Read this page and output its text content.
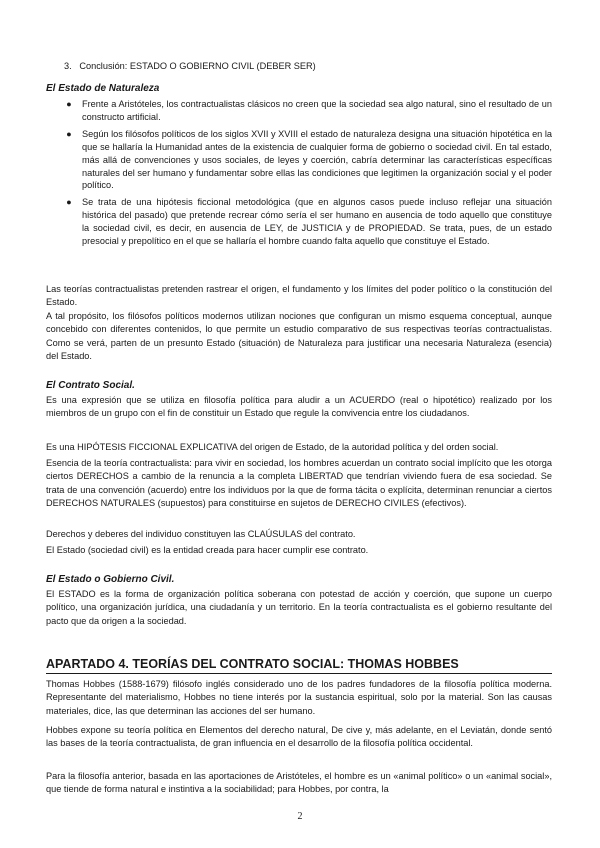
3. Conclusión: ESTADO O GOBIERNO CIVIL (DEBER SER)
El Estado de Naturaleza
● Frente a Aristóteles, los contractualistas clásicos no creen que la sociedad sea algo natural, sino el resultado de un constructo artificial.
● Según los filósofos políticos de los siglos XVII y XVIII el estado de naturaleza designa una situación hipotética en la que se hallaría la Humanidad antes de la existencia de cualquier forma de gobierno o sociedad civil. En tal estado, más allá de convenciones y usos sociales, de leyes y coerción, cabría determinar las características específicas naturales del ser humano y fundamentar sobre ellas las condiciones que legitimen la organización social y el poder político.
● Se trata de una hipótesis ficcional metodológica (que en algunos casos puede incluso reflejar una situación histórica del pasado) que pretende recrear cómo sería el ser humano en ausencia de todo aquello que constituye la sociedad civil, es decir, en ausencia de LEY, de JUSTICIA y de PROPIEDAD. Se trata, pues, de un estado presocial y prepolítico en el que se hallaría el hombre cuando falta aquello que constituye el Estado.

Las teorías contractualistas pretenden rastrear el origen, el fundamento y los límites del poder político o la constitución del Estado.

A tal propósito, los filósofos políticos modernos utilizan nociones que configuran un mismo esquema conceptual, aunque concebido con diferentes contenidos, lo que permite un estudio comparativo de sus respectivas teorías contractualistas. Como se verá, parten de un presunto Estado (situación) de Naturaleza para justificar una necesaria Naturaleza (esencia) del Estado.

El Contrato Social.

Es una expresión que se utiliza en filosofía política para aludir a un ACUERDO (real o hipotético) realizado por los miembros de un grupo con el fin de constituir un Estado que regule la convivencia entre los ciudadanos.

Es una HIPÓTESIS FICCIONAL EXPLICATIVA del origen de Estado, de la autoridad política y del orden social.

Esencia de la teoría contractualista: para vivir en sociedad, los hombres acuerdan un contrato social implícito que les otorga ciertos DERECHOS a cambio de la renuncia a la completa LIBERTAD que tendrían viviendo fuera de esa sociedad. Se trata de una convención (acuerdo) entre los individuos por la que de forma tácita o explícita, determinan renunciar a ciertos DERECHOS NATURALES (supuestos) para constituirse en sujetos de DERECHO CIVILES (efectivos).

Derechos y deberes del individuo constituyen las CLAÚSULAS del contrato.

El Estado (sociedad civil) es la entidad creada para hacer cumplir ese contrato.

El Estado o Gobierno Civil.

El ESTADO es la forma de organización política soberana con potestad de acción y coerción, que supone un cuerpo político, una organización jurídica, una ciudadanía y un territorio. En la teoría contractualista es el gobierno resultante del pacto que da origen a la sociedad.

APARTADO 4. TEORÍAS DEL CONTRATO SOCIAL: THOMAS HOBBES

Thomas Hobbes (1588-1679) filósofo inglés considerado uno de los padres fundadores de la filosofía política moderna. Representante del materialismo, Hobbes no tiene interés por la sustancia espiritual, solo por la material. Son las causas materiales, dice, las que determinan las acciones del ser humano.

Hobbes expone su teoría política en Elementos del derecho natural, De cive y, más adelante, en el Leviatán, donde sentó las bases de la teoría contractualista, de gran influencia en el desarrollo de la filosofía política occidental.

Para la filosofía anterior, basada en las aportaciones de Aristóteles, el hombre es un «animal político» o un «animal social», que tiende de forma natural e instintiva a la sociabilidad; para Hobbes, por contra, la

2
